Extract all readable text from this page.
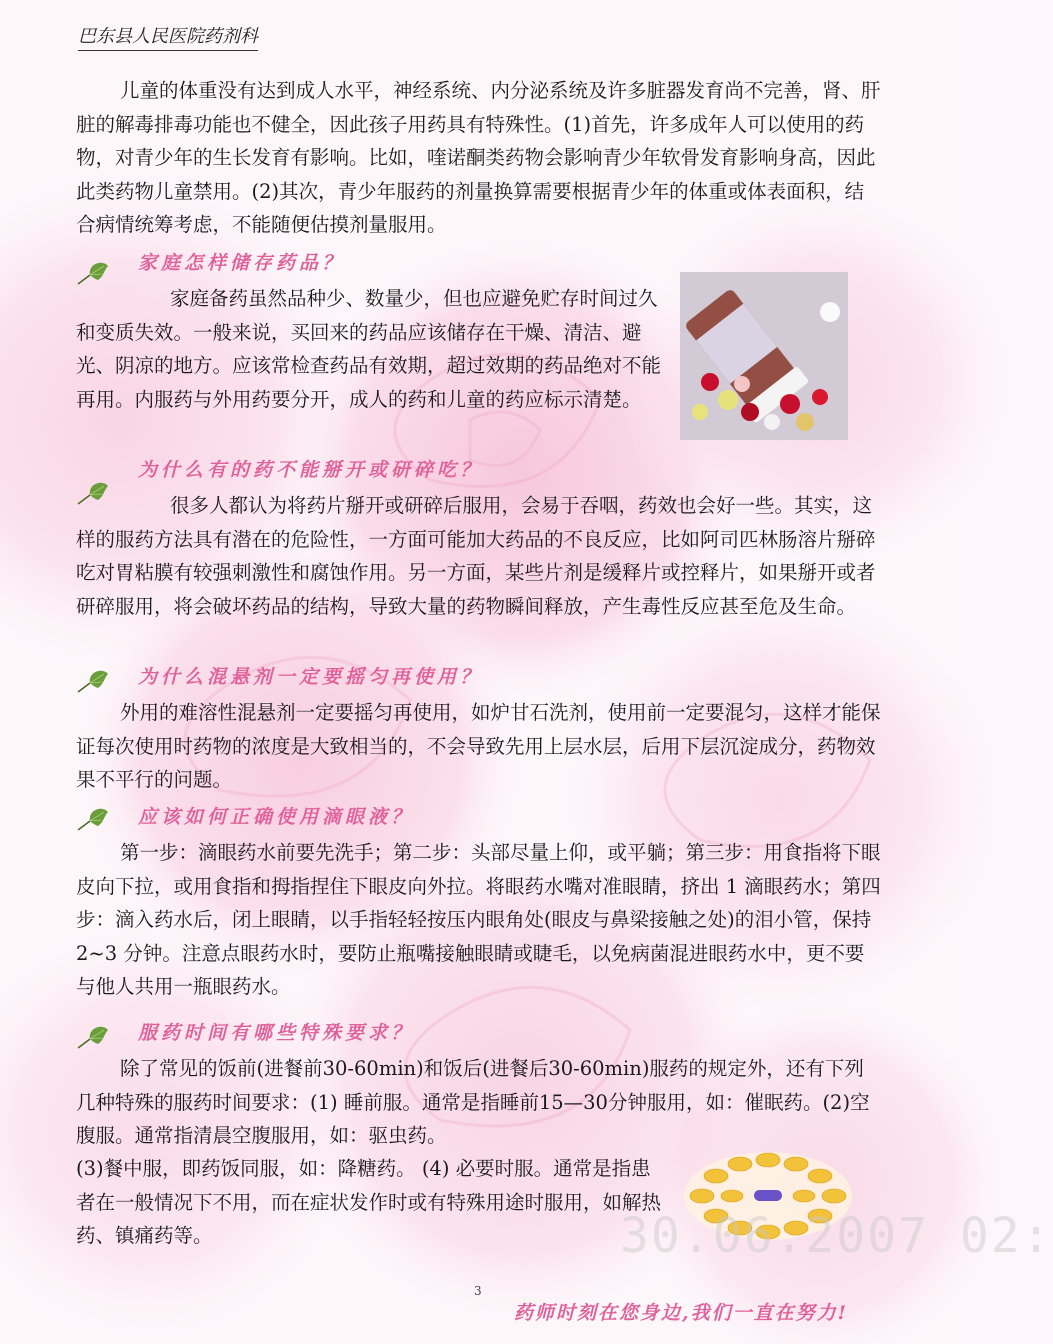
巴东县人民医院药剂科
儿童的体重没有达到成人水平，神经系统、内分泌系统及许多脏器发育尚不完善，肾、肝脏的解毒排毒功能也不健全，因此孩子用药具有特殊性。(1)首先，许多成年人可以使用的药物，对青少年的生长发育有影响。比如，喹诺酮类药物会影响青少年软骨发育影响身高，因此此类药物儿童禁用。(2)其次，青少年服药的剂量换算需要根据青少年的体重或体表面积，结合病情统筹考虑，不能随便估摸剂量服用。
家庭怎样储存药品？
家庭备药虽然品种少、数量少，但也应避免贮存时间过久和变质失效。一般来说，买回来的药品应该储存在干燥、清洁、避光、阴凉的地方。应该常检查药品有效期，超过效期的药品绝对不能再用。内服药与外用药要分开，成人的药和儿童的药应标示清楚。
为什么有的药不能掰开或研碎吃？
很多人都认为将药片掰开或研碎后服用，会易于吞咽，药效也会好一些。其实，这样的服药方法具有潜在的危险性，一方面可能加大药品的不良反应，比如阿司匹林肠溶片掰碎吃对胃粘膜有较强刺激性和腐蚀作用。另一方面，某些片剂是缓释片或控释片，如果掰开或者研碎服用，将会破坏药品的结构，导致大量的药物瞬间释放，产生毒性反应甚至危及生命。
为什么混悬剂一定要摇匀再使用？
外用的难溶性混悬剂一定要摇匀再使用，如炉甘石洗剂，使用前一定要混匀，这样才能保证每次使用时药物的浓度是大致相当的，不会导致先用上层水层，后用下层沉淀成分，药物效果不平行的问题。
应该如何正确使用滴眼液？
第一步：滴眼药水前要先洗手；第二步：头部尽量上仰，或平躺；第三步：用食指将下眼皮向下拉，或用食指和拇指捏住下眼皮向外拉。将眼药水嘴对准眼睛，挤出 1 滴眼药水；第四步：滴入药水后，闭上眼睛，以手指轻轻按压内眼角处(眼皮与鼻梁接触之处)的泪小管，保持 2~3 分钟。注意点眼药水时，要防止瓶嘴接触眼睛或睫毛，以免病菌混进眼药水中，更不要与他人共用一瓶眼药水。
服药时间有哪些特殊要求？
除了常见的饭前(进餐前30-60min)和饭后(进餐后30-60min)服药的规定外，还有下列几种特殊的服药时间要求：(1) 睡前服。通常是指睡前15—30分钟服用，如：催眠药。(2)空腹服。通常指清晨空腹服用，如：驱虫药。
(3)餐中服，即药饭同服，如：降糖药。 (4) 必要时服。通常是指患者在一般情况下不用，而在症状发作时或有特殊用途时服用，如解热药、镇痛药等。	30.06.2007 02:
3
药师时刻在您身边,我们一直在努力!
